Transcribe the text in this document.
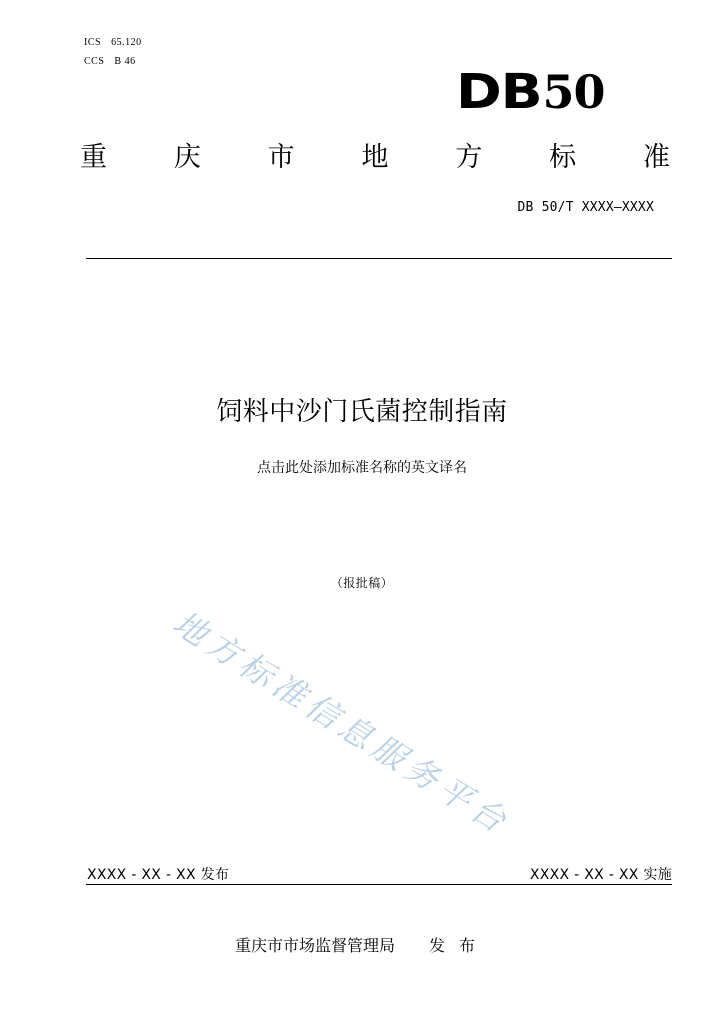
ICS 65.120
CCS B 46
DB50
重 庆 市 地 方 标 准
DB 50/T XXXX—XXXX
饲料中沙门氏菌控制指南
点击此处添加标准名称的英文译名
（报批稿）
地方标准信息服务平台
XXXX - XX - XX 发布	XXXX - XX - XX 实施
重庆市市场监督管理局 发布
